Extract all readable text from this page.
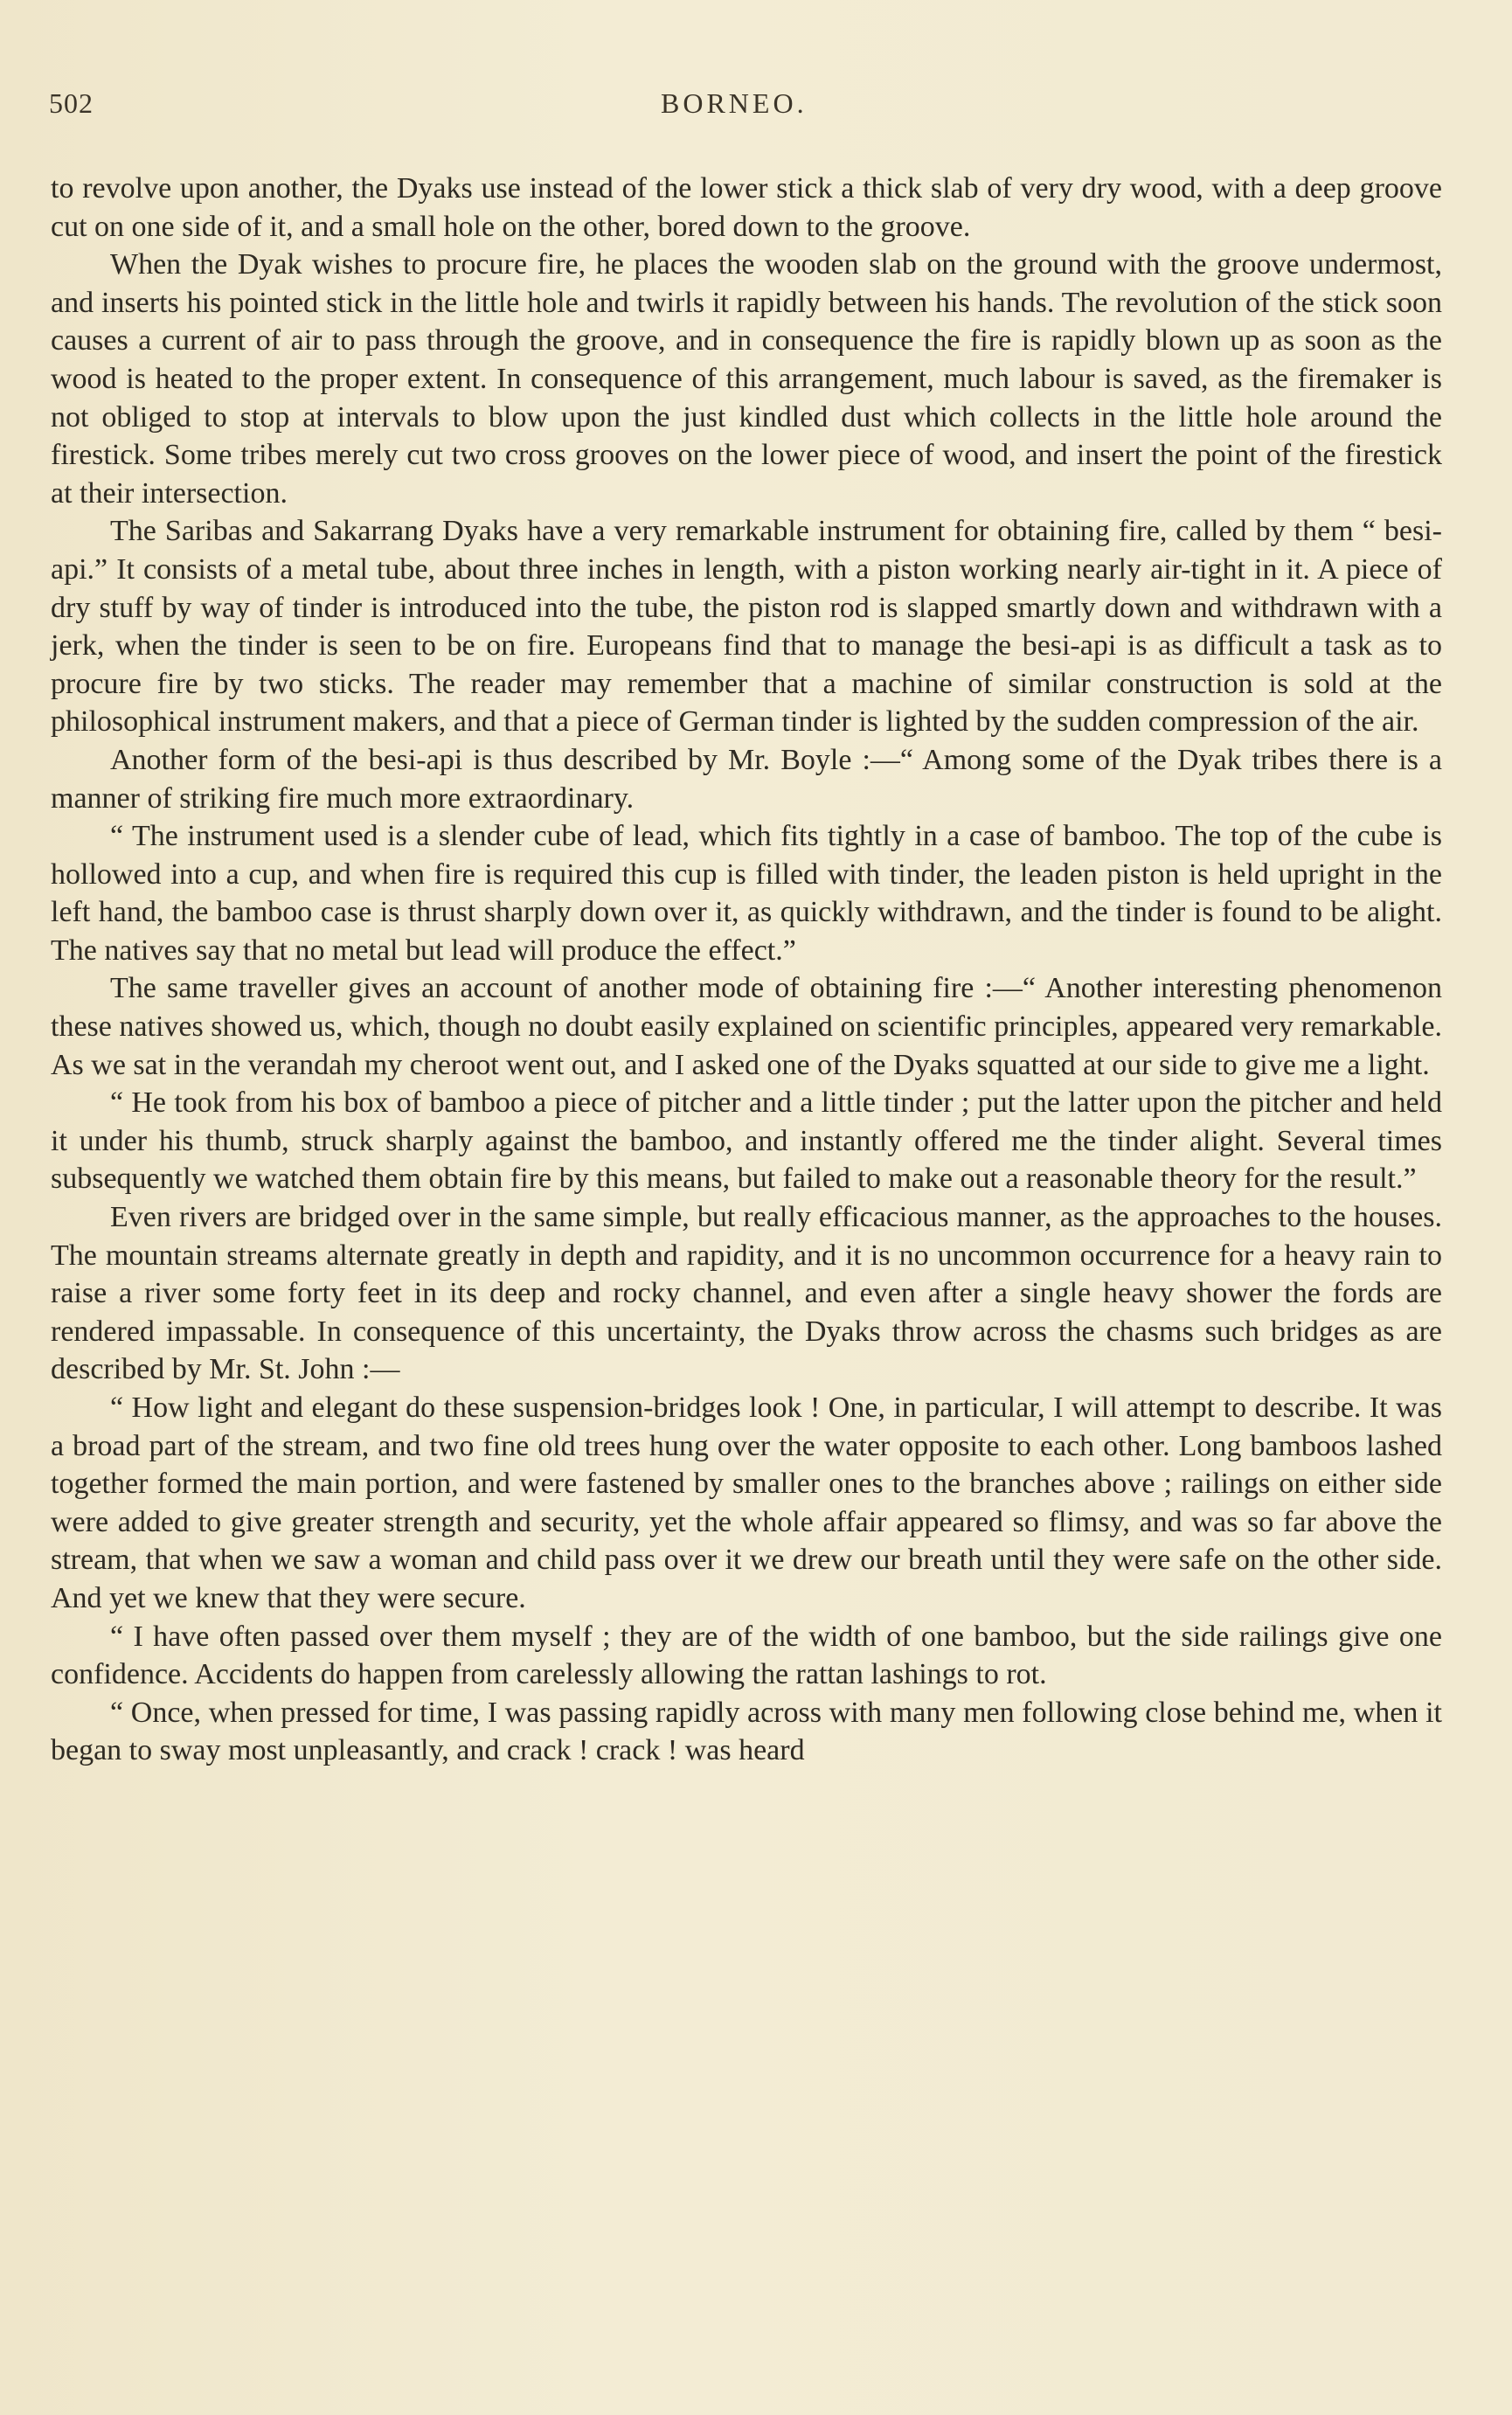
502	BORNEO.

to revolve upon another, the Dyaks use instead of the lower stick a thick slab of very dry wood, with a deep groove cut on one side of it, and a small hole on the other, bored down to the groove.

When the Dyak wishes to procure fire, he places the wooden slab on the ground with the groove undermost, and inserts his pointed stick in the little hole and twirls it rapidly between his hands. The revolution of the stick soon causes a current of air to pass through the groove, and in consequence the fire is rapidly blown up as soon as the wood is heated to the proper extent. In consequence of this arrangement, much labour is saved, as the firemaker is not obliged to stop at intervals to blow upon the just kindled dust which collects in the little hole around the firestick. Some tribes merely cut two cross grooves on the lower piece of wood, and insert the point of the firestick at their intersection.

The Saribas and Sakarrang Dyaks have a very remarkable instrument for obtaining fire, called by them “ besi-api.” It consists of a metal tube, about three inches in length, with a piston working nearly air-tight in it. A piece of dry stuff by way of tinder is introduced into the tube, the piston rod is slapped smartly down and withdrawn with a jerk, when the tinder is seen to be on fire. Europeans find that to manage the besi-api is as difficult a task as to procure fire by two sticks. The reader may remember that a machine of similar construction is sold at the philosophical instrument makers, and that a piece of German tinder is lighted by the sudden compression of the air.

Another form of the besi-api is thus described by Mr. Boyle :—“ Among some of the Dyak tribes there is a manner of striking fire much more extraordinary.

“ The instrument used is a slender cube of lead, which fits tightly in a case of bamboo. The top of the cube is hollowed into a cup, and when fire is required this cup is filled with tinder, the leaden piston is held upright in the left hand, the bamboo case is thrust sharply down over it, as quickly withdrawn, and the tinder is found to be alight. The natives say that no metal but lead will produce the effect.”

The same traveller gives an account of another mode of obtaining fire :—“ Another interesting phenomenon these natives showed us, which, though no doubt easily explained on scientific principles, appeared very remarkable. As we sat in the verandah my cheroot went out, and I asked one of the Dyaks squatted at our side to give me a light.

“ He took from his box of bamboo a piece of pitcher and a little tinder ; put the latter upon the pitcher and held it under his thumb, struck sharply against the bamboo, and instantly offered me the tinder alight. Several times subsequently we watched them obtain fire by this means, but failed to make out a reasonable theory for the result.”

Even rivers are bridged over in the same simple, but really efficacious manner, as the approaches to the houses. The mountain streams alternate greatly in depth and rapidity, and it is no uncommon occurrence for a heavy rain to raise a river some forty feet in its deep and rocky channel, and even after a single heavy shower the fords are rendered impassable. In consequence of this uncertainty, the Dyaks throw across the chasms such bridges as are described by Mr. St. John :—

“ How light and elegant do these suspension-bridges look ! One, in particular, I will attempt to describe. It was a broad part of the stream, and two fine old trees hung over the water opposite to each other. Long bamboos lashed together formed the main portion, and were fastened by smaller ones to the branches above ; railings on either side were added to give greater strength and security, yet the whole affair appeared so flimsy, and was so far above the stream, that when we saw a woman and child pass over it we drew our breath until they were safe on the other side. And yet we knew that they were secure.

“ I have often passed over them myself ; they are of the width of one bamboo, but the side railings give one confidence. Accidents do happen from carelessly allowing the rattan lashings to rot.

“ Once, when pressed for time, I was passing rapidly across with many men following close behind me, when it began to sway most unpleasantly, and crack ! crack ! was heard
